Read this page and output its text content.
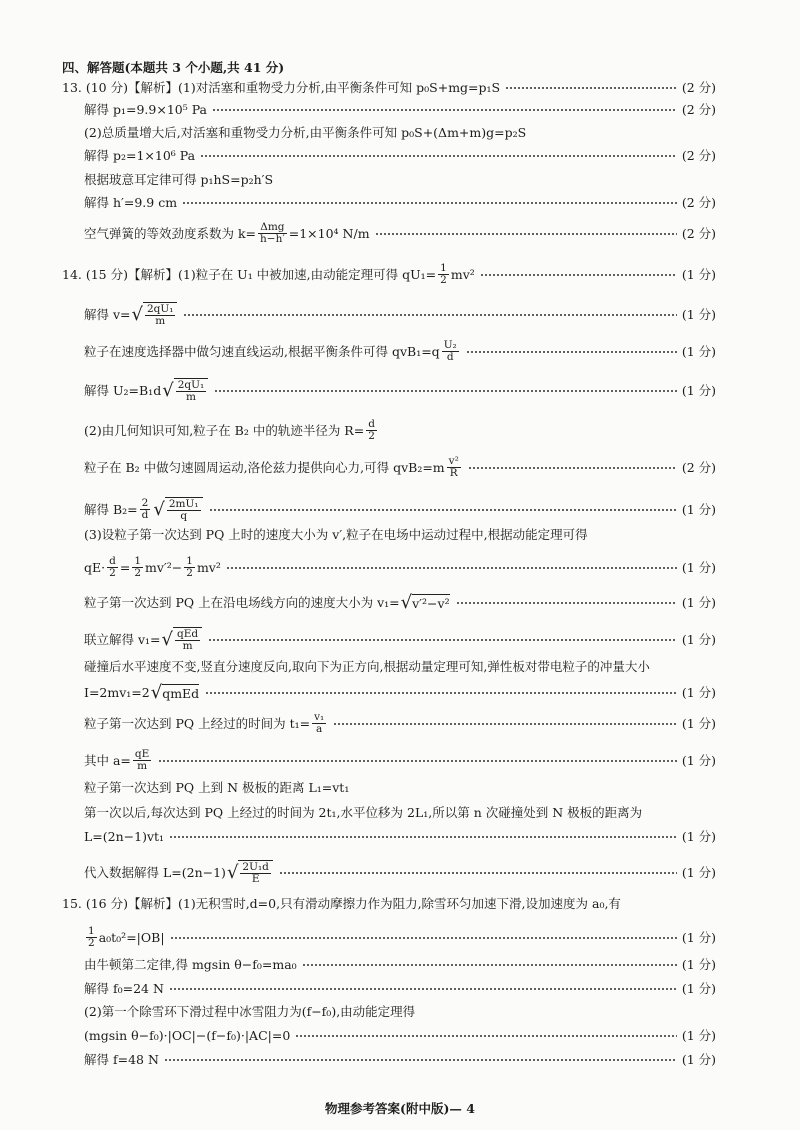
四、解答题(本题共 3 个小题,共 41 分)
13. (10 分)【解析】(1)对活塞和重物受力分析,由平衡条件可知 p₀S+mg=p₁S	(2 分)
解得 p₁=9.9×10⁵ Pa	(2 分)
(2)总质量增大后,对活塞和重物受力分析,由平衡条件可知 p₀S+(Δm+m)g=p₂S
解得 p₂=1×10⁶ Pa	(2 分)
根据玻意耳定律可得 p₁hS=p₂h′S
解得 h′=9.9 cm	(2 分)
空气弹簧的等效劲度系数为 $k= \frac{\text{Δmg}}{h-h'} =1\times 10^4$ N/m	(2 分)
14. (15 分)【解析】(1)粒子在 U₁ 中被加速,由动能定理可得 $qU_1= \frac{1}{2} mv^2$	(1 分)
解得 v= √ $\frac{\text{2qU₁}}{m}$	(1 分)
粒子在速度选择器中做匀速直线运动,根据平衡条件可得 $qvB_1=q \frac{\text{U₂}}{d}$	(1 分)
解得 U₂=B₁d √ $\frac{\text{2qU₁}}{m}$	(1 分)
(2)由几何知识可知,粒子在 B₂ 中的轨迹半径为 $R= \frac{d}{2}$
粒子在 B₂ 中做匀速圆周运动,洛伦兹力提供向心力,可得 $qvB_2=m \frac{\text{v²}}{R}$	(2 分)
解得 $B_2= \frac{2}{d}$ √ $\frac{\text{2mU₁}}{q}$	(1 分)
(3)设粒子第一次达到 PQ 上时的速度大小为 v′,粒子在电场中运动过程中,根据动能定理可得
$qE\cdot \frac{d}{2} = \frac{1}{2} mv'^2- \frac{1}{2} mv^2$	(1 分)
粒子第一次达到 PQ 上在沿电场线方向的速度大小为 v₁= √ v′²−v²	(1 分)
联立解得 v₁= √ $\frac{\text{qEd}}{m}$	(1 分)
碰撞后水平速度不变,竖直分速度反向,取向下为正方向,根据动量定理可知,弹性板对带电粒子的冲量大小
I=2mv₁=2 √ qmEd	(1 分)
粒子第一次达到 PQ 上经过的时间为 $t_1= \frac{\text{v₁}}{a}$	(1 分)
其中 $a= \frac{qE}{m}$	(1 分)
粒子第一次达到 PQ 上到 N 极板的距离 L₁=vt₁
第一次以后,每次达到 PQ 上经过的时间为 2t₁,水平位移为 2L₁,所以第 n 次碰撞处到 N 极板的距离为
L=(2n−1)vt₁	(1 分)
代入数据解得 L=(2n−1) √ $\frac{\text{2U₁d}}{E}$	(1 分)
15. (16 分)【解析】(1)无积雪时,d=0,只有滑动摩擦力作为阻力,除雪环匀加速下滑,设加速度为 a₀,有
$\frac{1}{2} a_0t_0^2=|OB|$	(1 分)
由牛顿第二定律,得 mgsin θ−f₀=ma₀	(1 分)
解得 f₀=24 N	(1 分)
(2)第一个除雪环下滑过程中冰雪阻力为(f−f₀),由动能定理得
(mgsin θ−f₀)·|OC|−(f−f₀)·|AC|=0	(1 分)
解得 f=48 N	(1 分)
物理参考答案(附中版)— 4
